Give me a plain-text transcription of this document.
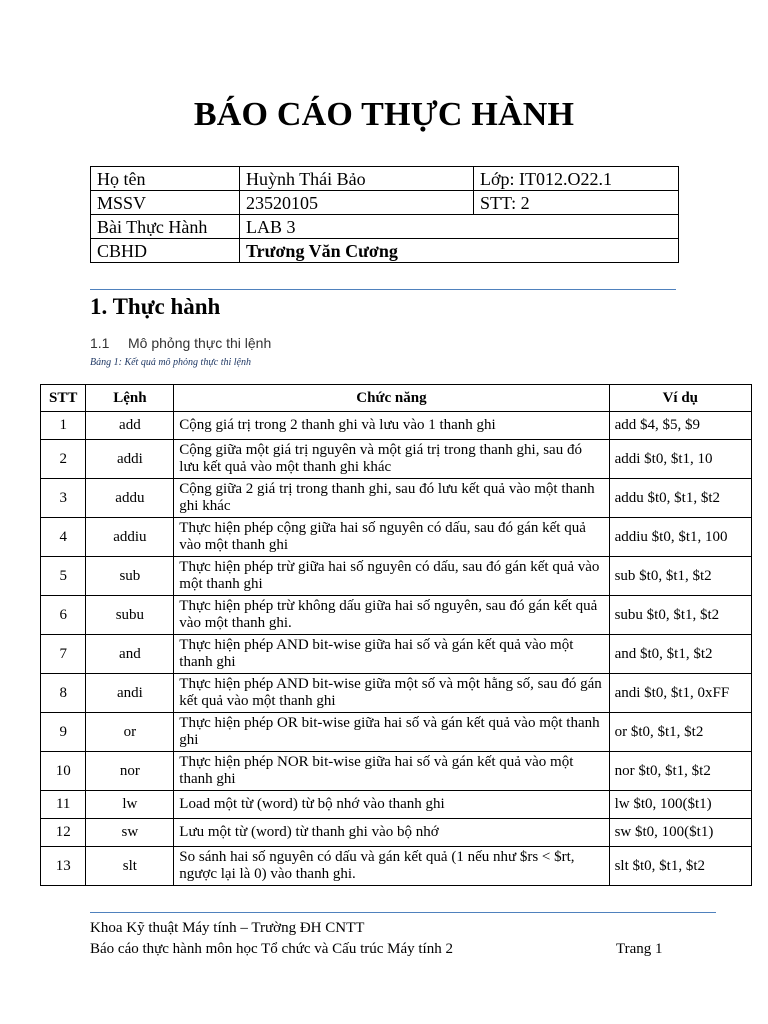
BÁO CÁO THỰC HÀNH
Họ tên	Huỳnh Thái Bảo	Lớp: IT012.O22.1
MSSV	23520105	STT: 2
Bài Thực Hành	LAB 3	
CBHD	Trương Văn Cương	
1. Thực hành
1.1 Mô phỏng thực thi lệnh
Bảng 1: Kết quả mô phỏng thực thi lệnh
STT	Lệnh	Chức năng	Ví dụ
1	add	Cộng giá trị trong 2 thanh ghi và lưu vào 1 thanh ghi	add $4, $5, $9
2	addi	Cộng giữa một giá trị nguyên và một giá trị trong thanh ghi, sau đó lưu kết quả vào một thanh ghi khác	addi $t0, $t1, 10
3	addu	Cộng giữa 2 giá trị trong thanh ghi, sau đó lưu kết quả vào một thanh ghi khác	addu $t0, $t1, $t2
4	addiu	Thực hiện phép cộng giữa hai số nguyên có dấu, sau đó gán kết quả vào một thanh ghi	addiu $t0, $t1, 100
5	sub	Thực hiện phép trừ giữa hai số nguyên có dấu, sau đó gán kết quả vào một thanh ghi	sub $t0, $t1, $t2
6	subu	Thực hiện phép trừ không dấu giữa hai số nguyên, sau đó gán kết quả vào một thanh ghi.	subu $t0, $t1, $t2
7	and	Thực hiện phép AND bit-wise giữa hai số và gán kết quả vào một thanh ghi	and $t0, $t1, $t2
8	andi	Thực hiện phép AND bit-wise giữa một số và một hằng số, sau đó gán kết quả vào một thanh ghi	andi $t0, $t1, 0xFF
9	or	Thực hiện phép OR bit-wise giữa hai số và gán kết quả vào một thanh ghi	or $t0, $t1, $t2
10	nor	Thực hiện phép NOR bit-wise giữa hai số và gán kết quả vào một thanh ghi	nor $t0, $t1, $t2
11	lw	Load một từ (word) từ bộ nhớ vào thanh ghi	lw $t0, 100($t1)
12	sw	Lưu một từ (word) từ thanh ghi vào bộ nhớ	sw $t0, 100($t1)
13	slt	So sánh hai số nguyên có dấu và gán kết quả (1 nếu như $rs < $rt, ngược lại là 0) vào thanh ghi.	slt $t0, $t1, $t2
Khoa Kỹ thuật Máy tính – Trường ĐH CNTT
Báo cáo thực hành môn học Tổ chức và Cấu trúc Máy tính 2	Trang 1
